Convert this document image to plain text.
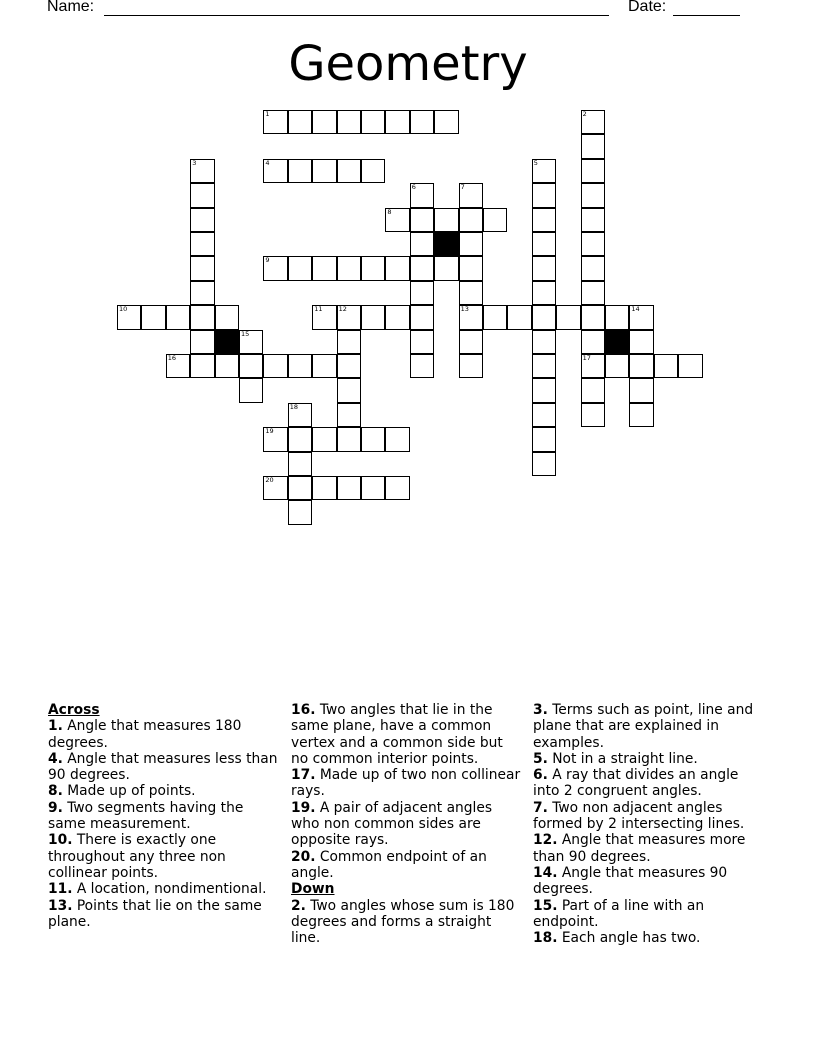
Name:	Date:
Geometry
1	2
17
3	4	5
6	7
13
8
9
10	11 12	14
15
16
18
19
20
Across
1. Angle that measures 180 degrees.
4. Angle that measures less than 90 degrees.
8. Made up of points.
9. Two segments having the same measurement.
10. There is exactly one throughout any three non collinear points.
11. A location, nondimentional.
13. Points that lie on the same plane.
16. Two angles that lie in the same plane, have a common vertex and a common side but no common interior points.
17. Made up of two non collinear rays.
19. A pair of adjacent angles who non common sides are opposite rays.
20. Common endpoint of an angle.
Down
2. Two angles whose sum is 180 degrees and forms a straight line.
3. Terms such as point, line and plane that are explained in examples.
5. Not in a straight line.
6. A ray that divides an angle into 2 congruent angles.
7. Two non adjacent angles formed by 2 intersecting lines.
12. Angle that measures more than 90 degrees.
14. Angle that measures 90 degrees.
15. Part of a line with an endpoint.
18. Each angle has two.
